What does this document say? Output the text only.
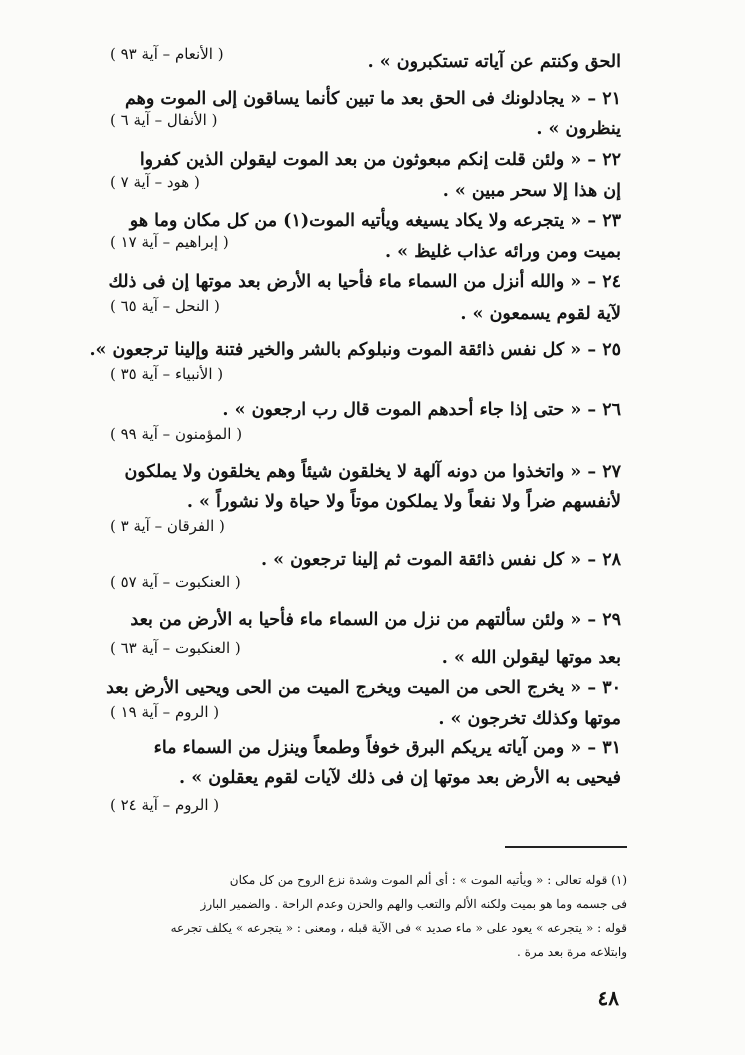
الحق وكنتم عن آياته تستكبرون » .
( الأنعام – آية ٩٣ )
٢١ – « يجادلونك فى الحق بعد ما تبين كأنما يساقون إلى الموت وهم
( الأنفال – آية ٦ )	ينظرون » .
٢٢ – « ولئن قلت إنكم مبعوثون من بعد الموت ليقولن الذين كفروا
( هود – آية ٧ )	إن هذا إلا سحر مبين » .
٢٣ – « يتجرعه ولا يكاد يسيغه ويأتيه الموت(١) من كل مكان وما هو
( إبراهيم – آية ١٧ )	بميت ومن ورائه عذاب غليظ » .
٢٤ – « والله أنزل من السماء ماء فأحيا به الأرض بعد موتها إن فى ذلك
( النحل – آية ٦٥ )	لآية لقوم يسمعون » .
٢٥ – « كل نفس ذائقة الموت ونبلوكم بالشر والخير فتنة وإلينا ترجعون ».
( الأنبياء – آية ٣٥ )
٢٦ – « حتى إذا جاء أحدهم الموت قال رب ارجعون » .
( المؤمنون – آية ٩٩ )
٢٧ – « واتخذوا من دونه آلهة لا يخلقون شيئاً وهم يخلقون ولا يملكون
لأنفسهم ضراً ولا نفعاً ولا يملكون موتاً ولا حياة ولا نشوراً » .
( الفرقان – آية ٣ )
٢٨ – « كل نفس ذائقة الموت ثم إلينا ترجعون » .
( العنكبوت – آية ٥٧ )
٢٩ – « ولئن سألتهم من نزل من السماء ماء فأحيا به الأرض من بعد
( العنكبوت – آية ٦٣ )	بعد موتها ليقولن الله » .
٣٠ – « يخرج الحى من الميت ويخرج الميت من الحى ويحيى الأرض بعد
( الروم – آية ١٩ )	موتها وكذلك تخرجون » .
٣١ – « ومن آياته يريكم البرق خوفاً وطمعاً وينزل من السماء ماء
فيحيى به الأرض بعد موتها إن فى ذلك لآيات لقوم يعقلون » .
( الروم – آية ٢٤ )
(١) قوله تعالى : « ويأتيه الموت » : أى ألم الموت وشدة نزع الروح من كل مكان
فى جسمه وما هو بميت ولكنه الألم والتعب والهم والحزن وعدم الراحة . والضمير البارز
قوله : « يتجرعه » يعود على « ماء صديد » فى الآية قبله ، ومعنى : « يتجرعه » يكلف تجرعه
وابتلاعه مرة بعد مرة .
٤٨
